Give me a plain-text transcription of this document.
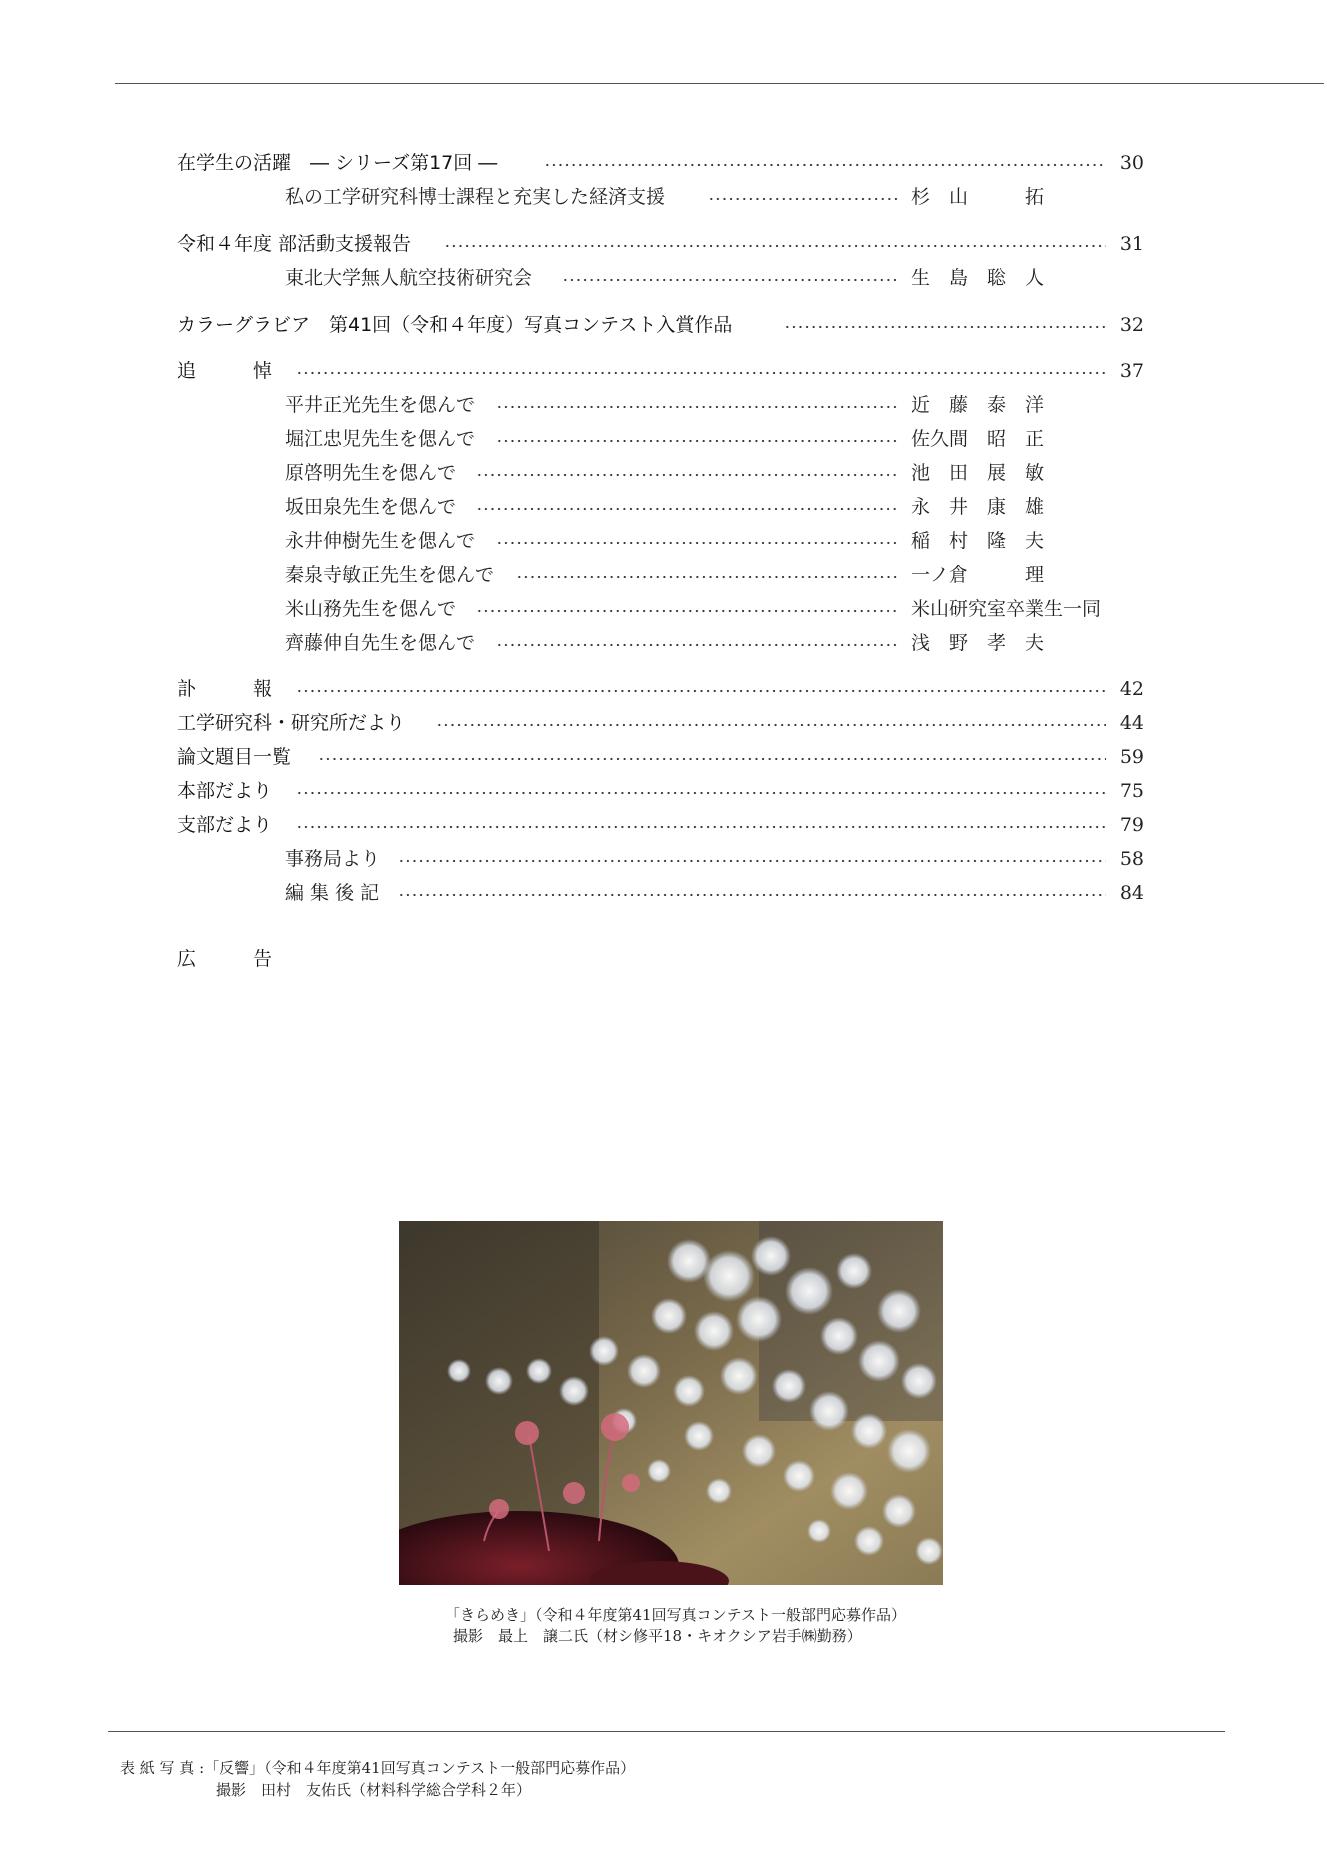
在学生の活躍　― シリーズ第17回 ―	30
私の工学研究科博士課程と充実した経済支援	杉　山　　　拓
令和４年度 部活動支援報告	31
東北大学無人航空技術研究会	生　島　聡　人
カラーグラビア　第41回（令和４年度）写真コンテスト入賞作品	32
追　　　悼	37
平井正光先生を偲んで	近　藤　泰　洋
堀江忠児先生を偲んで	佐久間　昭　正
原啓明先生を偲んで	池　田　展　敏
坂田泉先生を偲んで	永　井　康　雄
永井伸樹先生を偲んで	稲　村　隆　夫
秦泉寺敏正先生を偲んで	一ノ倉　　　理
米山務先生を偲んで	米山研究室卒業生一同
齊藤伸自先生を偲んで	浅　野　孝　夫
訃　　　報	42
工学研究科・研究所だより	44
論文題目一覧	59
本部だより	75
支部だより	79
事務局より	58
編 集 後 記	84
広　　　告
「きらめき」（令和４年度第41回写真コンテスト一般部門応募作品）
撮影　最上　譲二氏（材シ修平18・キオクシア岩手㈱勤務）
表 紙 写 真 :「反響」（令和４年度第41回写真コンテスト一般部門応募作品）
撮影　田村　友佑氏（材料科学総合学科２年）
